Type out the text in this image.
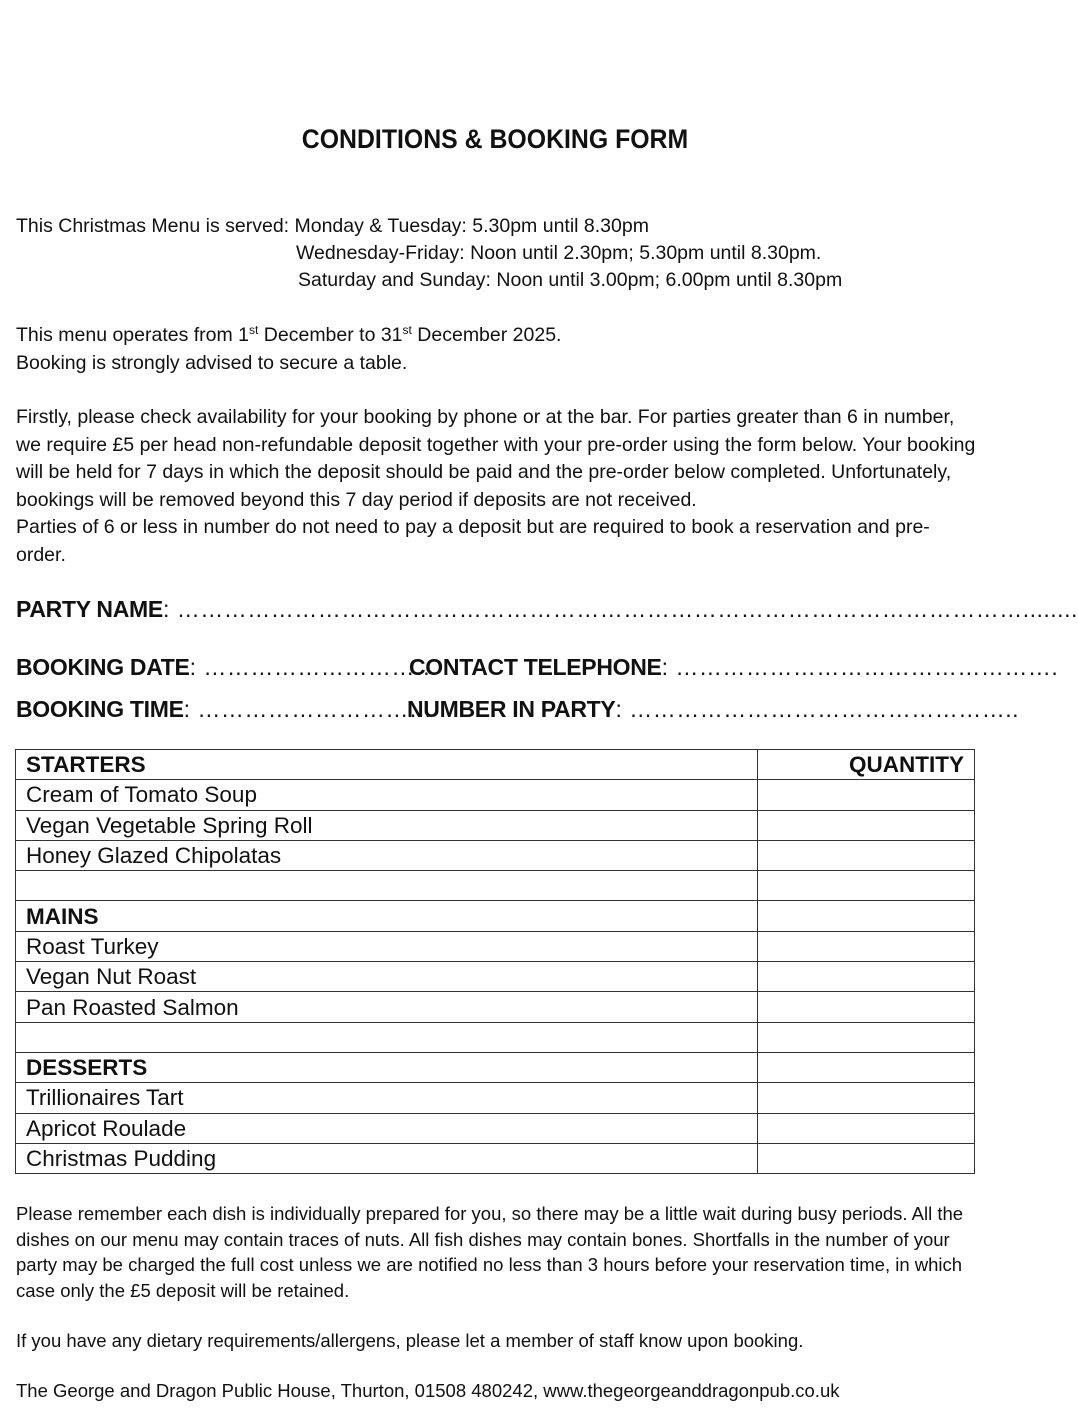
CONDITIONS & BOOKING FORM
This Christmas Menu is served: Monday & Tuesday: 5.30pm until 8.30pm
Wednesday-Friday: Noon until 2.30pm; 5.30pm until 8.30pm.
Saturday and Sunday: Noon until 3.00pm; 6.00pm until 8.30pm
This menu operates from 1st December to 31st December 2025.
Booking is strongly advised to secure a table.
Firstly, please check availability for your booking by phone or at the bar. For parties greater than 6 in number, we require £5 per head non-refundable deposit together with your pre-order using the form below. Your booking will be held for 7 days in which the deposit should be paid and the pre-order below completed. Unfortunately, bookings will be removed beyond this 7 day period if deposits are not received.
Parties of 6 or less in number do not need to pay a deposit but are required to book a reservation and pre-order.
PARTY NAME: ………………………………………………………………………………………………........
BOOKING DATE: …………………………
CONTACT TELEPHONE: ………………………………………….
BOOKING TIME: …………………………
NUMBER IN PARTY: …………………………………………..
STARTERS	QUANTITY
Cream of Tomato Soup	
Vegan Vegetable Spring Roll	
Honey Glazed Chipolatas	

MAINS	
Roast Turkey	
Vegan Nut Roast	
Pan Roasted Salmon	

DESSERTS	
Trillionaires Tart	
Apricot Roulade	
Christmas Pudding	
Please remember each dish is individually prepared for you, so there may be a little wait during busy periods. All the dishes on our menu may contain traces of nuts. All fish dishes may contain bones. Shortfalls in the number of your party may be charged the full cost unless we are notified no less than 3 hours before your reservation time, in which case only the £5 deposit will be retained.
If you have any dietary requirements/allergens, please let a member of staff know upon booking.
The George and Dragon Public House, Thurton, 01508 480242, www.thegeorgeanddragonpub.co.uk
